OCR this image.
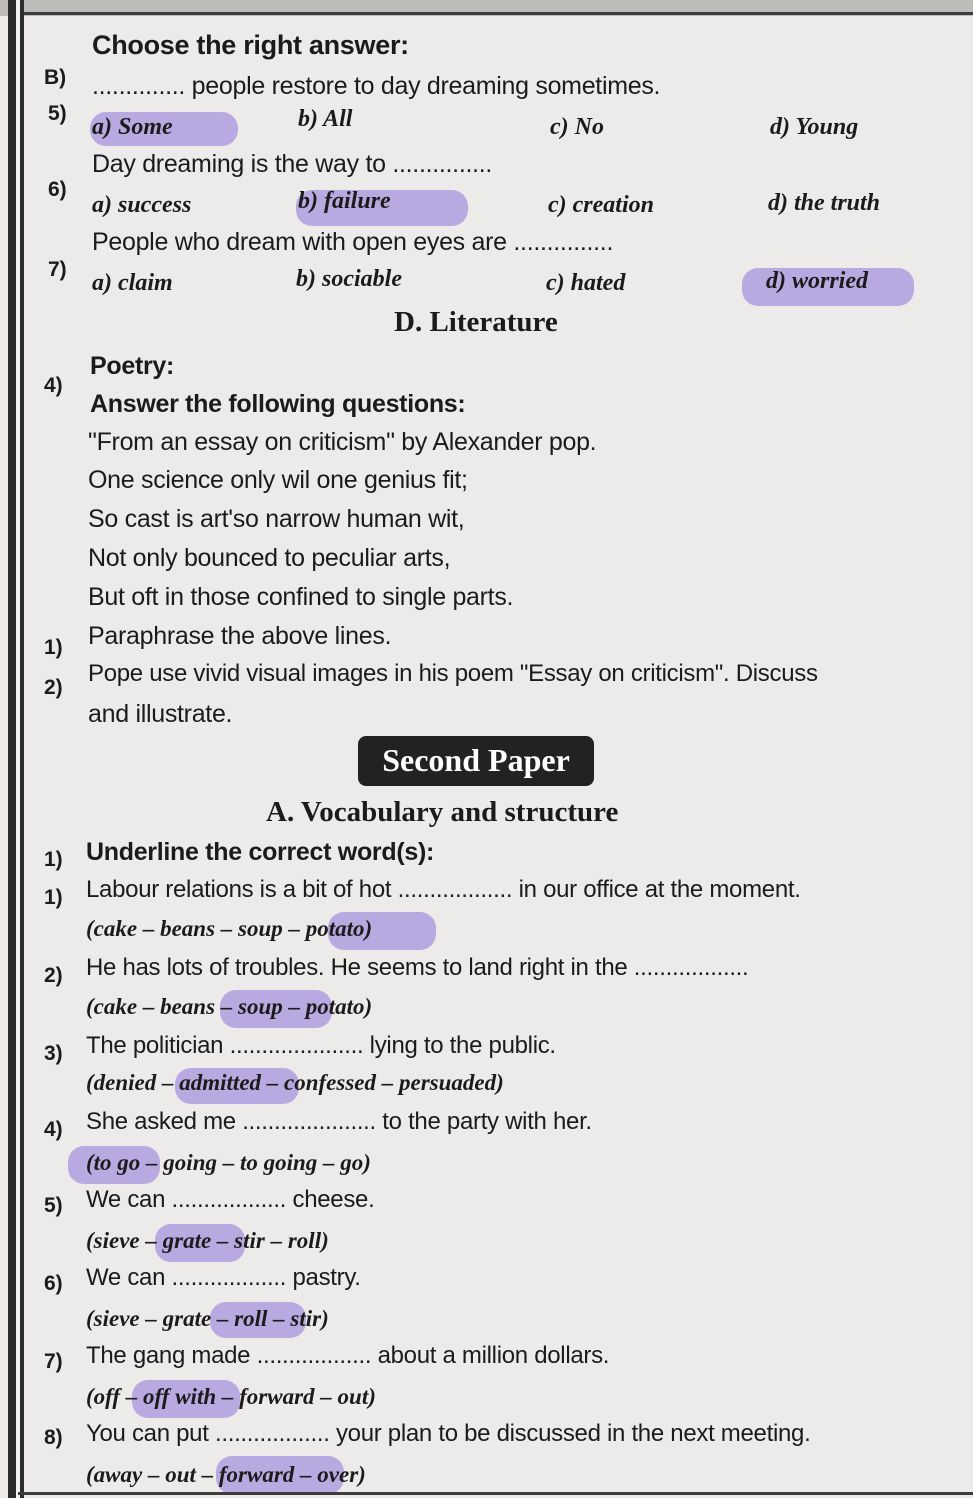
B)
Choose the right answer:
5)
.............. people restore to day dreaming sometimes.
a) Some	b) All	c) No	d) Young
6)
Day dreaming is the way to ...............
a) success	b) failure	c) creation	d) the truth
7)
People who dream with open eyes are ...............
a) claim	b) sociable	c) hated	d) worried
D. Literature
4)
Poetry:
Answer the following questions:
"From an essay on criticism" by Alexander pop.
One science only wil one genius fit;
So cast is art'so narrow human wit,
Not only bounced to peculiar arts,
But oft in those confined to single parts.
1) Paraphrase the above lines.
2)
Pope use vivid visual images in his poem "Essay on criticism". Discuss
and illustrate.
Second Paper
A. Vocabulary and structure
1) Underline the correct word(s):
1) Labour relations is a bit of hot .................. in our office at the moment.
(cake – beans – soup – potato)
2) He has lots of troubles. He seems to land right in the ..................
(cake – beans – soup – potato)
3) The politician ..................... lying to the public.
(denied – admitted – confessed – persuaded)
4) She asked me ..................... to the party with her.
(to go – going – to going – go)
5) We can .................. cheese.
(sieve – grate – stir – roll)
6) We can .................. pastry.
(sieve – grate – roll – stir)
7) The gang made .................. about a million dollars.
(off – off with – forward – out)
8) You can put .................. your plan to be discussed in the next meeting.
(away – out – forward – over)
